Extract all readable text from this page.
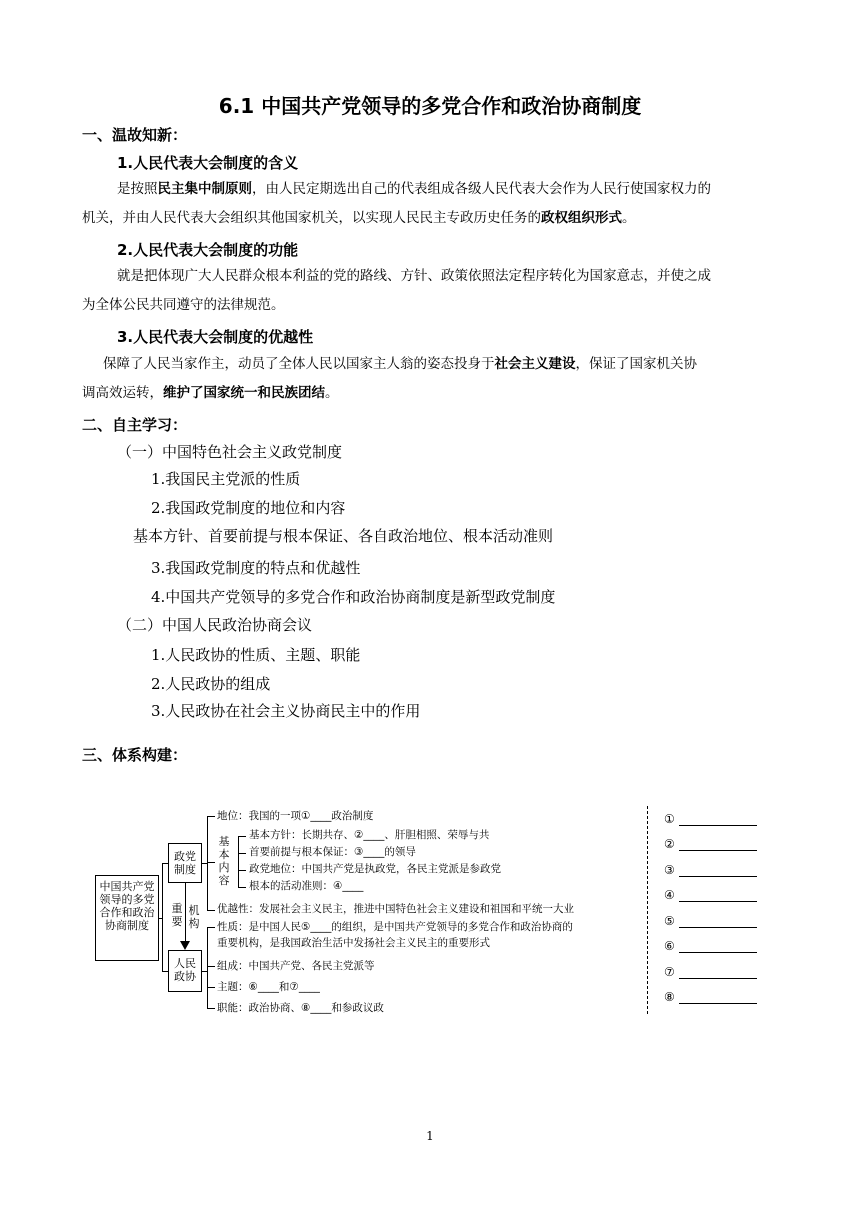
6.1 中国共产党领导的多党合作和政治协商制度
一、温故知新：
1.人民代表大会制度的含义
是按照民主集中制原则，由人民定期选出自己的代表组成各级人民代表大会作为人民行使国家权力的
机关，并由人民代表大会组织其他国家机关，以实现人民民主专政历史任务的政权组织形式。
2.人民代表大会制度的功能
就是把体现广大人民群众根本利益的党的路线、方针、政策依照法定程序转化为国家意志，并使之成
为全体公民共同遵守的法律规范。
3.人民代表大会制度的优越性
保障了人民当家作主，动员了全体人民以国家主人翁的姿态投身于社会主义建设，保证了国家机关协
调高效运转，维护了国家统一和民族团结。
二、自主学习：
（一）中国特色社会主义政党制度
1.我国民主党派的性质
2.我国政党制度的地位和内容
基本方针、首要前提与根本保证、各自政治地位、根本活动准则
3.我国政党制度的特点和优越性
4.中国共产党领导的多党合作和政治协商制度是新型政党制度
（二）中国人民政治协商会议
1.人民政协的性质、主题、职能
2.人民政协的组成
3.人民政协在社会主义协商民主中的作用
三、体系构建：
中国共产党领导的多党合作和政治协商制度
政党制度
人民政协
重要
机构
地位：我国的一项①____政治制度
基本内容
基本方针：长期共存、②____、肝胆相照、荣辱与共
首要前提与根本保证：③____的领导
政党地位：中国共产党是执政党，各民主党派是参政党
根本的活动准则：④____
优越性：发展社会主义民主，推进中国特色社会主义建设和祖国和平统一大业
性质：是中国人民⑤____的组织，是中国共产党领导的多党合作和政治协商的
重要机构，是我国政治生活中发扬社会主义民主的重要形式
组成：中国共产党、各民主党派等
主题：⑥____和⑦____
职能：政治协商、⑧____和参政议政
①
②
③
④
⑤
⑥
⑦
⑧
1
